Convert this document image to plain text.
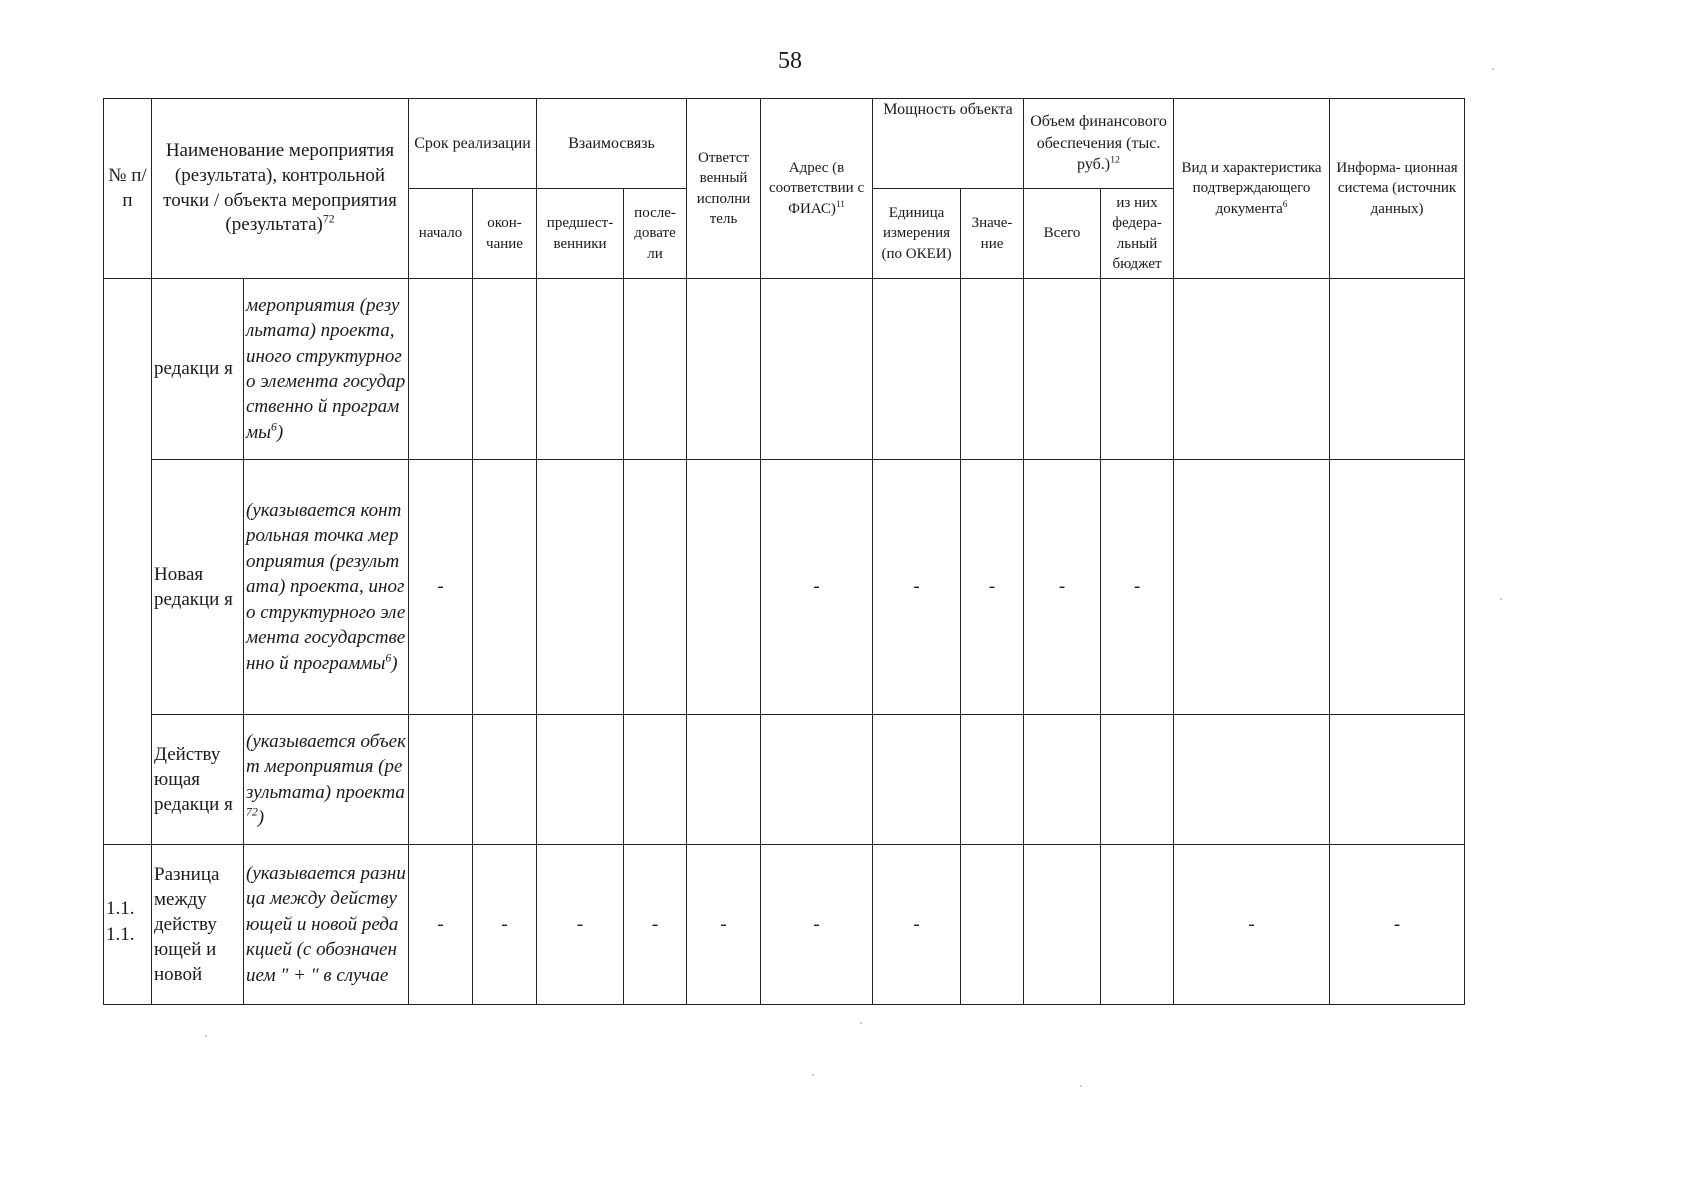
58
№ п/п	Наименование мероприятия (результата), контрольной точки / объекта мероприятия (результата)$^{72}$		Срок реализации		Взаимосвязь		Ответст венный исполни тель	Адрес (в соответствии с ФИАС)$^{11}$	Мощность объекта		Объем финансового обеспечения (тыс. руб.)$^{12}$		Вид и характеристика подтверждающего документа$^6$	Информа- ционная система (источник данных)
			начало	окон- чание	предшест- венники	после- довате ли			Единица измерения (по ОКЕИ)	Значе- ние	Всего	из них федера- льный бюджет		
	редакци я	мероприятия (результата) проекта, иного структурного элемента государственно й программы$^6$)												
	Новая редакци я	(указывается контрольная точка мероприятия (результата) проекта, иного структурного элемента государственно й программы$^6$)	-					-	-	-	-	-		
	Действу ющая редакци я	(указывается объект мероприятия (результата) проекта$^{72}$)												

1.1. 1.1.	Разница между действу ющей и новой	(указывается разница между действующей и новой редакцией (с обозначением " + " в случае	-	-	-	-	-	-	-				-	-
